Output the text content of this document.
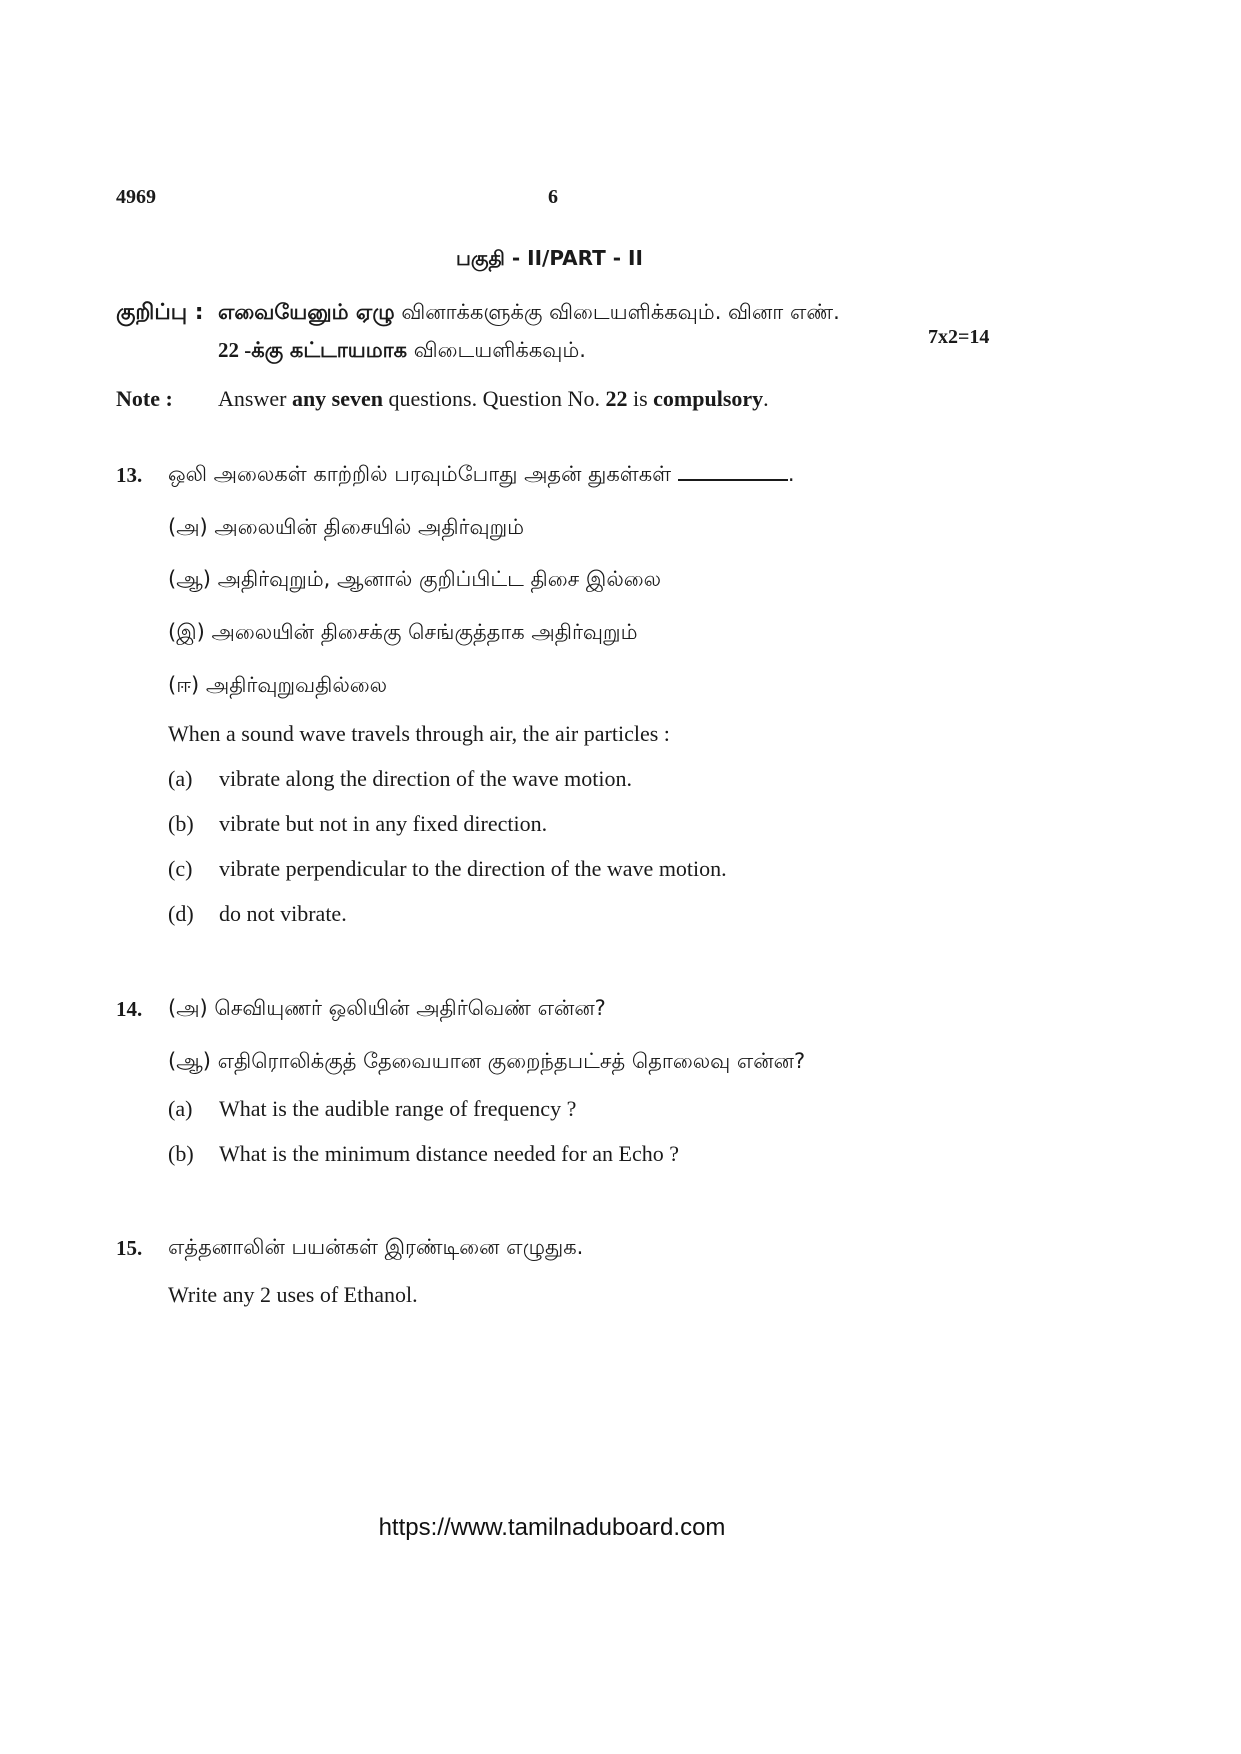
4969	6
பகுதி - II/PART - II
குறிப்பு : எவையேனும் ஏழு வினாக்களுக்கு விடையளிக்கவும். வினா எண்.
22 -க்கு கட்டாயமாக விடையளிக்கவும்.
7x2=14
Note : Answer any seven questions. Question No. 22 is compulsory.
13. ஒலி அலைகள் காற்றில் பரவும்போது அதன் துகள்கள்	.
(அ) அலையின் திசையில் அதிர்வுறும்
(ஆ) அதிர்வுறும், ஆனால் குறிப்பிட்ட திசை இல்லை
(இ) அலையின் திசைக்கு செங்குத்தாக அதிர்வுறும்
(ஈ) அதிர்வுறுவதில்லை
When a sound wave travels through air, the air particles :
(a) vibrate along the direction of the wave motion.
(b) vibrate but not in any fixed direction.
(c) vibrate perpendicular to the direction of the wave motion.
(d) do not vibrate.
14. (அ) செவியுணர் ஒலியின் அதிர்வெண் என்ன?
(ஆ) எதிரொலிக்குத் தேவையான குறைந்தபட்சத் தொலைவு என்ன?
(a) What is the audible range of frequency ?
(b) What is the minimum distance needed for an Echo ?
15. எத்தனாலின் பயன்கள் இரண்டினை எழுதுக.
Write any 2 uses of Ethanol.
https://www.tamilnaduboard.com
